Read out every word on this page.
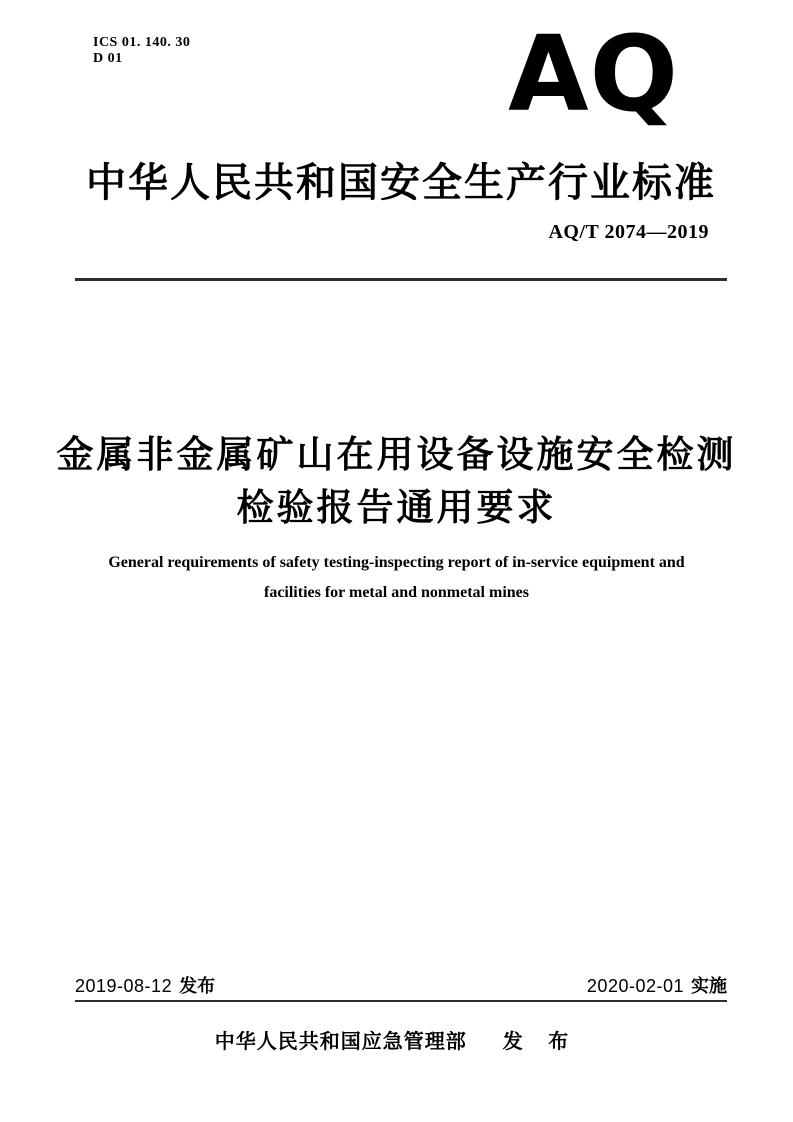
ICS 01. 140. 30
D 01	AQ
中华人民共和国安全生产行业标准
AQ/T 2074—2019
金属非金属矿山在用设备设施安全检测
检验报告通用要求
General requirements of safety testing-inspecting report of in-service equipment and
facilities for metal and nonmetal mines
2019-08-12 发布	2020-02-01 实施
中华人民共和国应急管理部 发 布
